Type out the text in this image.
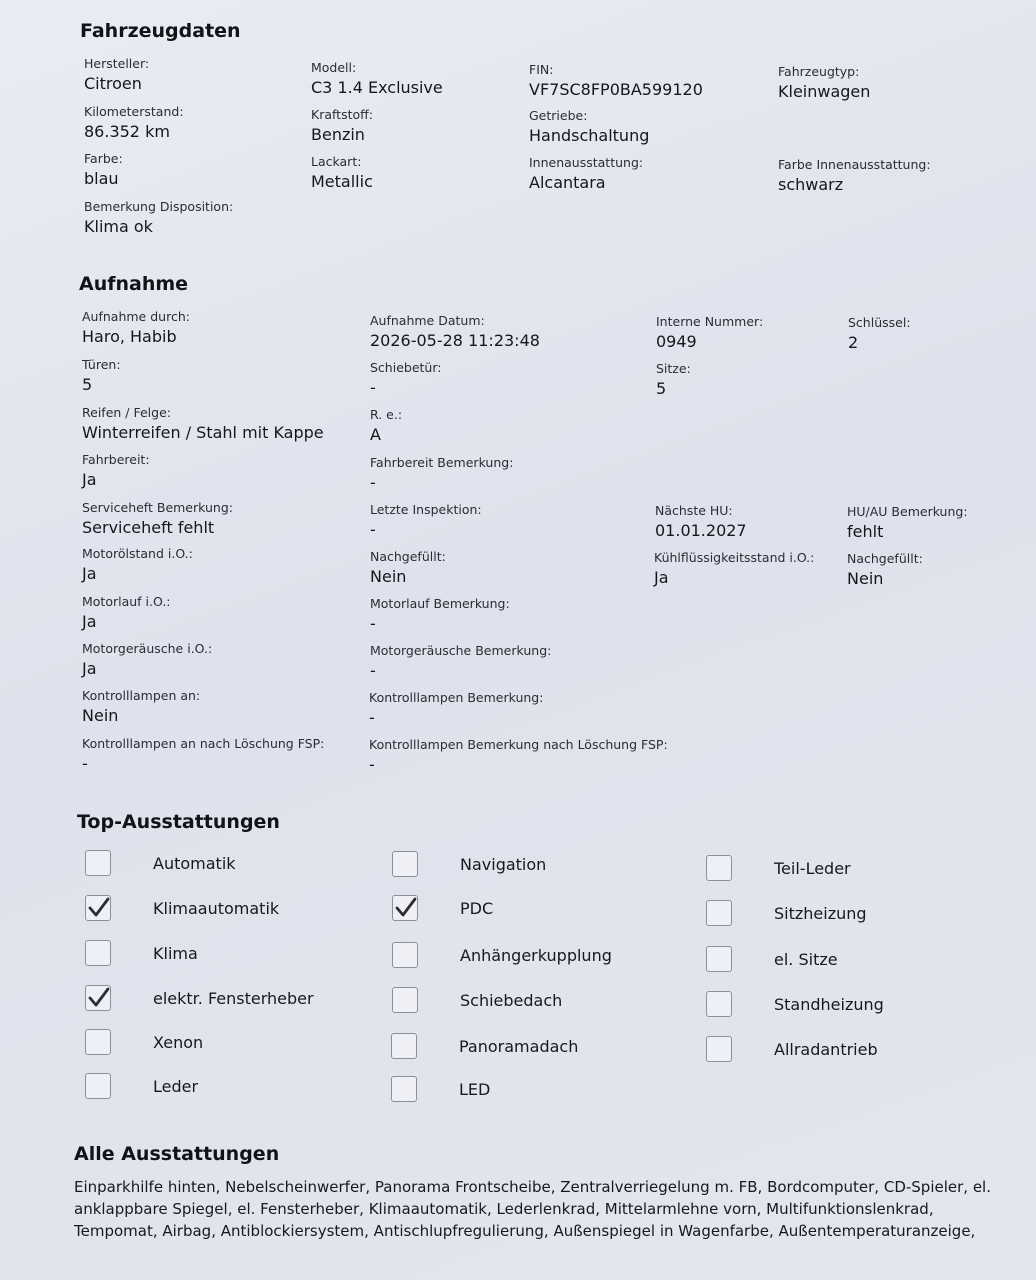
Fahrzeugdaten
Hersteller:
Citroen
Modell:
C3 1.4 Exclusive
FIN:
VF7SC8FP0BA599120
Fahrzeugtyp:
Kleinwagen
Kilometerstand:
86.352 km
Kraftstoff:
Benzin
Getriebe:
Handschaltung
Farbe:
blau
Lackart:
Metallic
Innenausstattung:
Alcantara
Farbe Innenausstattung:
schwarz
Bemerkung Disposition:
Klima ok
Aufnahme
Aufnahme durch:
Haro, Habib
Aufnahme Datum:
2026-05-28 11:23:48
Interne Nummer:
0949
Schlüssel:
2
Türen:
5
Schiebetür:
-
Sitze:
5
Reifen / Felge:
Winterreifen / Stahl mit Kappe
R. e.:
A
Fahrbereit:
Ja
Fahrbereit Bemerkung:
-
Serviceheft Bemerkung:
Serviceheft fehlt
Letzte Inspektion:
-
Nächste HU:
01.01.2027
HU/AU Bemerkung:
fehlt
Motorölstand i.O.:
Ja
Nachgefüllt:
Nein
Kühlflüssigkeitsstand i.O.:
Ja
Nachgefüllt:
Nein
Motorlauf i.O.:
Ja
Motorlauf Bemerkung:
-
Motorgeräusche i.O.:
Ja
Motorgeräusche Bemerkung:
-
Kontrolllampen an:
Nein
Kontrolllampen Bemerkung:
-
Kontrolllampen an nach Löschung FSP:
-
Kontrolllampen Bemerkung nach Löschung FSP:
-
Top-Ausstattungen
Automatik
Klimaautomatik
Klima
elektr. Fensterheber
Xenon
Leder
Navigation
PDC
Anhängerkupplung
Schiebedach
Panoramadach
LED
Teil-Leder
Sitzheizung
el. Sitze
Standheizung
Allradantrieb
Alle Ausstattungen
Einparkhilfe hinten, Nebelscheinwerfer, Panorama Frontscheibe, Zentralverriegelung m. FB, Bordcomputer, CD-Spieler, el. anklappbare Spiegel, el. Fensterheber, Klimaautomatik, Lederlenkrad, Mittelarmlehne vorn, Multifunktionslenkrad, Tempomat, Airbag, Antiblockiersystem, Antischlupfregulierung, Außenspiegel in Wagenfarbe, Außentemperaturanzeige,
